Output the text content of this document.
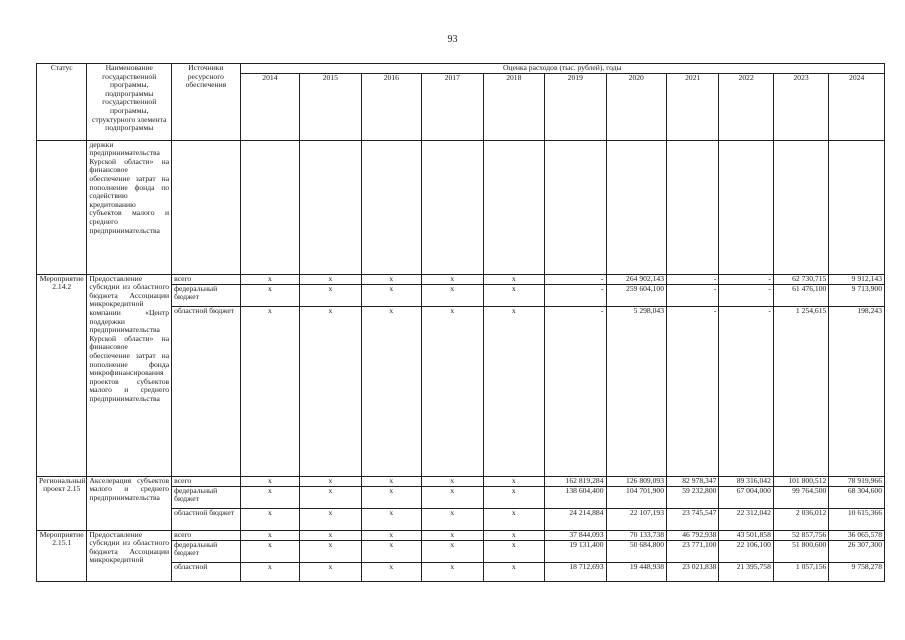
93
Статус	Наименование государственной программы, подпрограммы государственной программы, структурного элемента подпрограммы	Источники ресурсного обеспечения	Оценка расходов (тыс. рублей), годы										
			2014	2015	2016	2017	2018	2019	2020	2021	2022	2023	2024
	держки предпринимательства Курской области» на финансовое обеспечение затрат на пополнение фонда по содействию кредитованию субъектов малого и среднего предпринимательства												
Мероприятие 2.14.2	Предоставление субсидии из областного бюджета Ассоциации микрокредитной компании «Центр поддержки предпринимательства Курской области» на финансовое обеспечение затрат на пополнение фонда микрофинансирования проектов субъектов малого и среднего предпринимательства	всего	x	x	x	x	x	-	264 902,143	-	-	62 730,715	9 912,143
		федеральный бюджет	x	x	x	x	x	-	259 604,100	-	-	61 476,100	9 713,900
		областной бюджет	x	x	x	x	x	-	5 298,043	-	-	1 254,615	198,243
Региональный проект 2.15	Акселерация субъектов малого и среднего предпринимательства	всего	x	x	x	x	x	162 819,284	126 809,093	82 978,347	89 316,042	101 800,512	78 919,966
		федеральный бюджет	x	x	x	x	x	138 604,400	104 701,900	59 232,800	67 004,000	99 764,500	68 304,600
		областной бюджет	x	x	x	x	x	24 214,884	22 107,193	23 745,547	22 312,042	2 036,012	10 615,366
Мероприятие 2.15.1	Предоставление субсидии из областного бюджета Ассоциации микрокредитной	всего	x	x	x	x	x	37 844,093	70 133,738	46 792,938	43 501,858	52 857,756	36 065,578
		федеральный бюджет	x	x	x	x	x	19 131,400	50 684,800	23 771,100	22 106,100	51 800,600	26 307,300
		областной	x	x	x	x	x	18 712,693	19 448,938	23 021,838	21 395,758	1 057,156	9 758,278
